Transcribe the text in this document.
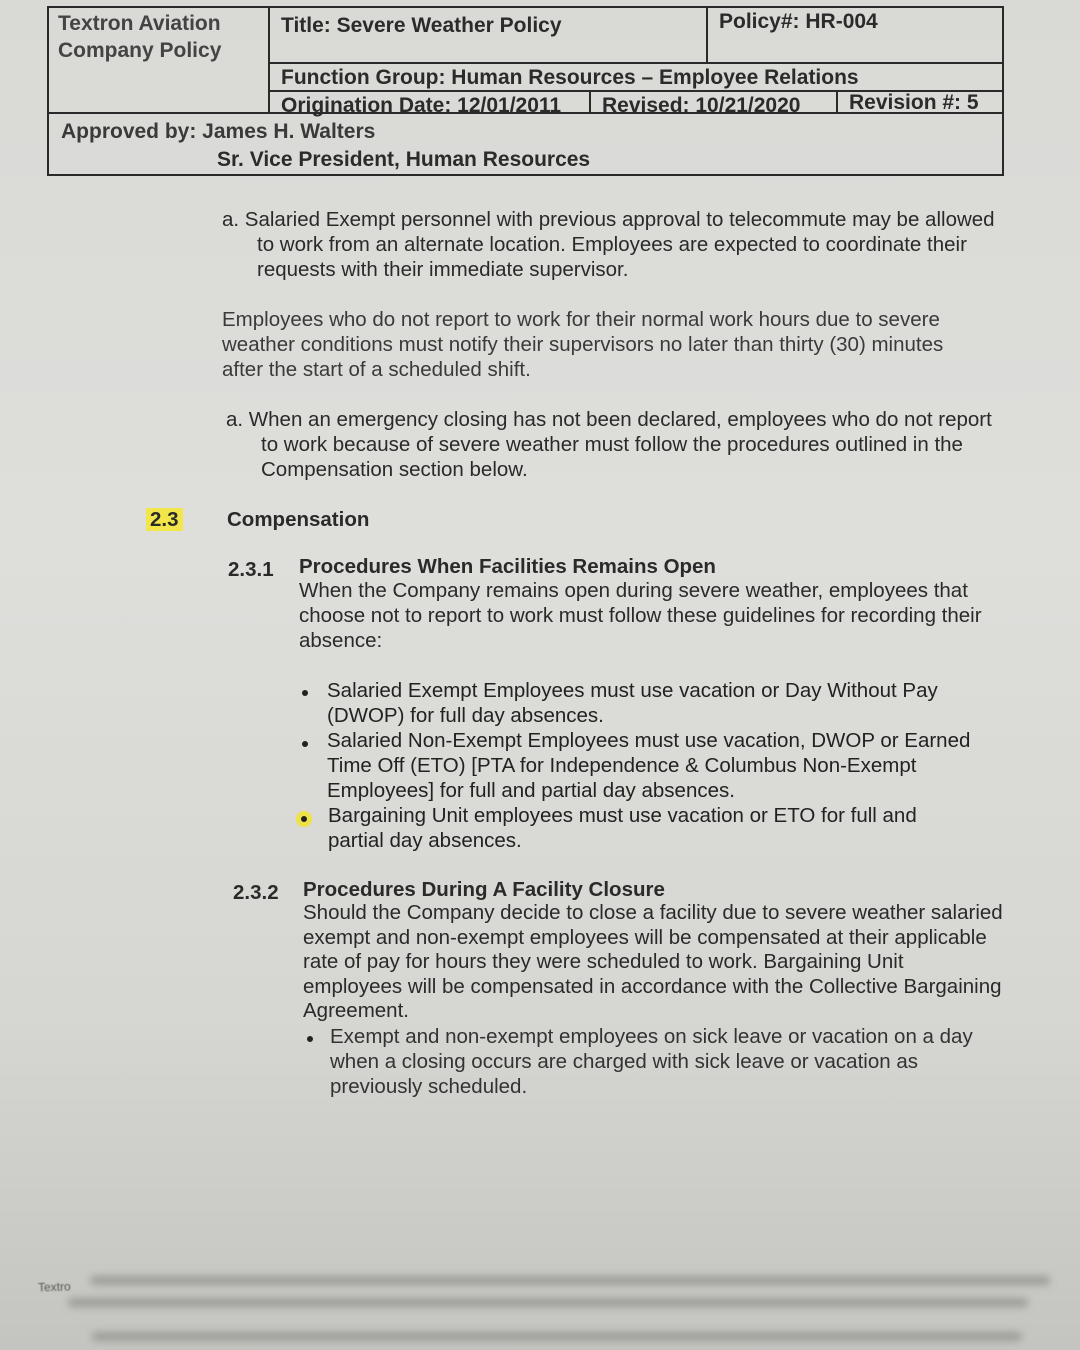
Textron Aviation Company Policy
Title: Severe Weather Policy	Policy#: HR-004
Function Group: Human Resources – Employee Relations
Origination Date: 12/01/2011 Revised: 10/21/2020 Revision #: 5
Approved by: James H. Walters
Sr. Vice President, Human Resources
a. Salaried Exempt personnel with previous approval to telecommute may be allowed to work from an alternate location. Employees are expected to coordinate their requests with their immediate supervisor.
Employees who do not report to work for their normal work hours due to severe weather conditions must notify their supervisors no later than thirty (30) minutes after the start of a scheduled shift.
a. When an emergency closing has not been declared, employees who do not report to work because of severe weather must follow the procedures outlined in the Compensation section below.
2.3 Compensation
2.3.1 Procedures When Facilities Remains Open
When the Company remains open during severe weather, employees that choose not to report to work must follow these guidelines for recording their absence:
Salaried Exempt Employees must use vacation or Day Without Pay (DWOP) for full day absences.
Salaried Non-Exempt Employees must use vacation, DWOP or Earned Time Off (ETO) [PTA for Independence & Columbus Non-Exempt Employees] for full and partial day absences.
Bargaining Unit employees must use vacation or ETO for full and partial day absences.
2.3.2 Procedures During A Facility Closure
Should the Company decide to close a facility due to severe weather salaried exempt and non-exempt employees will be compensated at their applicable rate of pay for hours they were scheduled to work. Bargaining Unit employees will be compensated in accordance with the Collective Bargaining Agreement.
Exempt and non-exempt employees on sick leave or vacation on a day when a closing occurs are charged with sick leave or vacation as previously scheduled.
Textro
